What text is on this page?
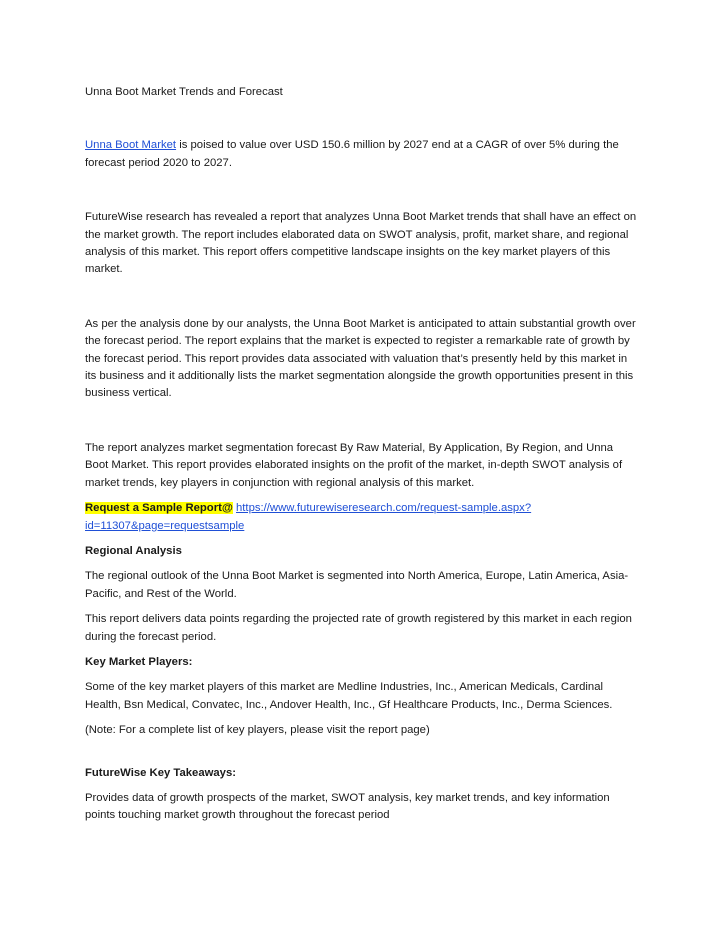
Unna Boot Market Trends and Forecast

Unna Boot Market is poised to value over USD 150.6 million by 2027 end at a CAGR of over 5% during the forecast period 2020 to 2027.

FutureWise research has revealed a report that analyzes Unna Boot Market trends that shall have an effect on the market growth. The report includes elaborated data on SWOT analysis, profit, market share, and regional analysis of this market. This report offers competitive landscape insights on the key market players of this market.

As per the analysis done by our analysts, the Unna Boot Market is anticipated to attain substantial growth over the forecast period. The report explains that the market is expected to register a remarkable rate of growth by the forecast period. This report provides data associated with valuation that’s presently held by this market in its business and it additionally lists the market segmentation alongside the growth opportunities present in this business vertical.

The report analyzes market segmentation forecast By Raw Material, By Application, By Region, and Unna Boot Market. This report provides elaborated insights on the profit of the market, in-depth SWOT analysis of market trends, key players in conjunction with regional analysis of this market.

Request a Sample Report@ https://www.futurewiseresearch.com/request-sample.aspx?id=11307&page=requestsample

Regional Analysis

The regional outlook of the Unna Boot Market is segmented into North America, Europe, Latin America, Asia-Pacific, and Rest of the World.

This report delivers data points regarding the projected rate of growth registered by this market in each region during the forecast period.

Key Market Players:

Some of the key market players of this market are Medline Industries, Inc., American Medicals, Cardinal Health, Bsn Medical, Convatec, Inc., Andover Health, Inc., Gf Healthcare Products, Inc., Derma Sciences.

(Note: For a complete list of key players, please visit the report page)

FutureWise Key Takeaways:

Provides data of growth prospects of the market, SWOT analysis, key market trends, and key information points touching market growth throughout the forecast period
